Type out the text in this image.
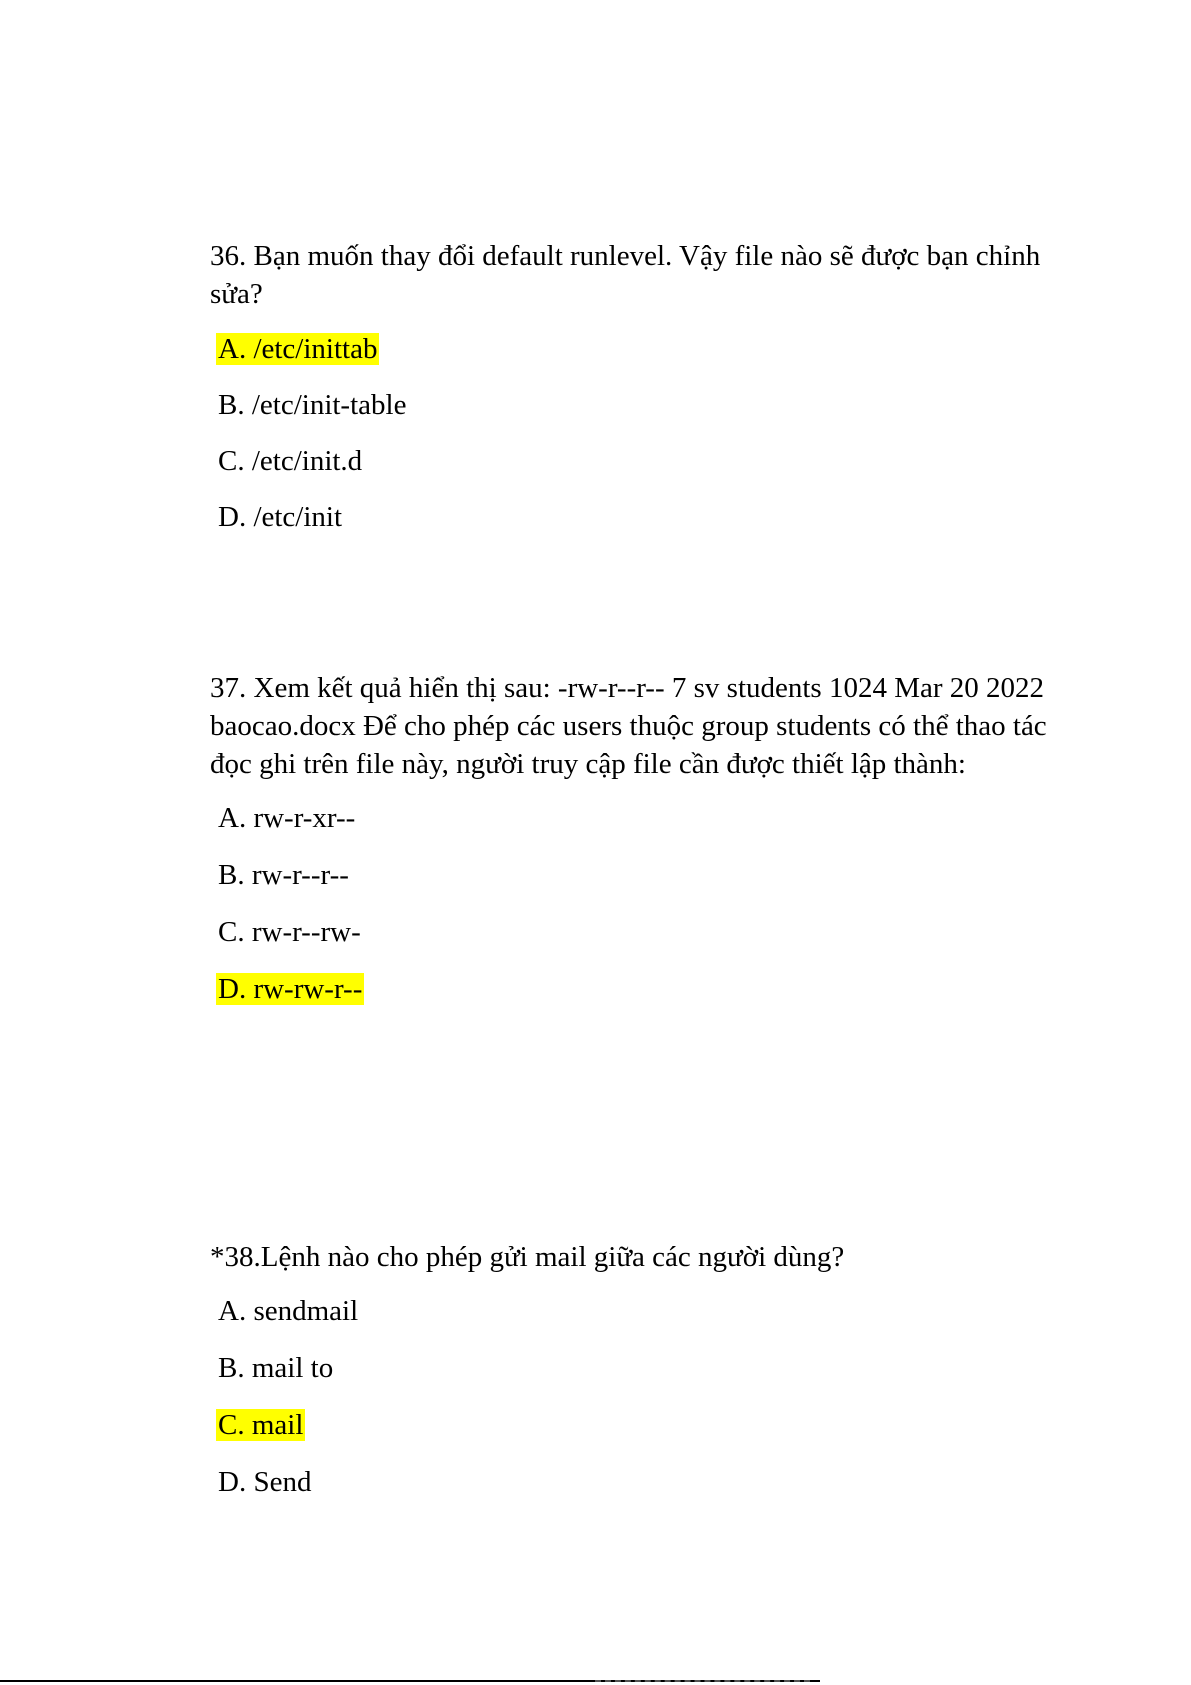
36. Bạn muốn thay đổi default runlevel. Vậy file nào sẽ được bạn chỉnh sửa?

A. /etc/inittab
B. /etc/init-table
C. /etc/init.d
D. /etc/init

37. Xem kết quả hiển thị sau: -rw-r--r-- 7 sv students 1024 Mar 20 2022 baocao.docx Để cho phép các users thuộc group students có thể thao tác đọc ghi trên file này, người truy cập file cần được thiết lập thành:

A. rw-r-xr--
B. rw-r--r--
C. rw-r--rw-
D. rw-rw-r--

*38.Lệnh nào cho phép gửi mail giữa các người dùng?

A. sendmail
B. mail to
C. mail
D. Send
